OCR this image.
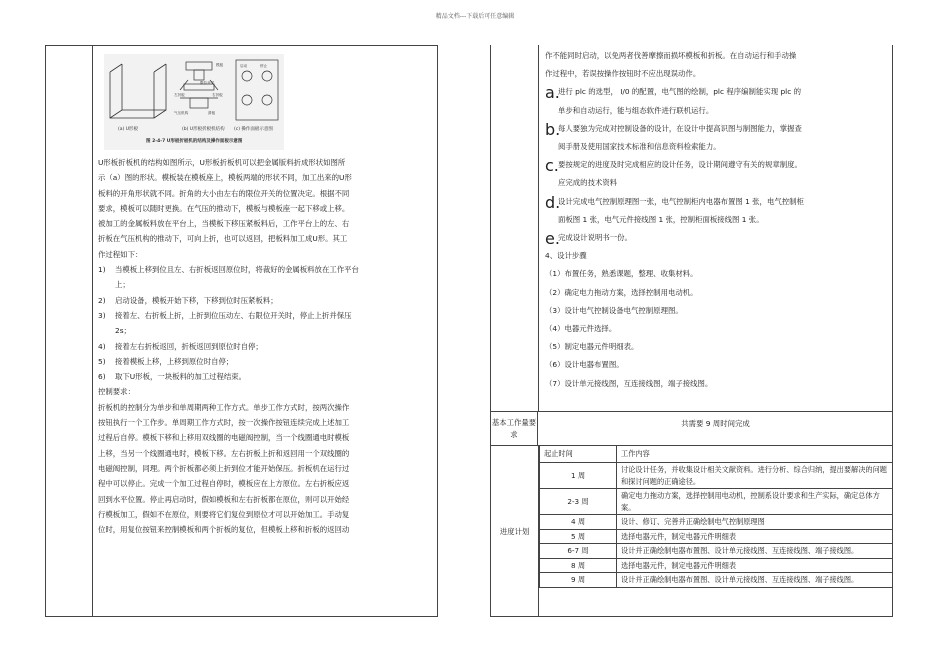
精品文档---下载后可任意编辑
(a) U形板
模板
限位开关
左折板	右折板
气压机构	滑板
(b) U形板折板机结构
启动	停止
(c) 操作面板示意图
图 2-4-7 U形板折板机的结构及操作面板示意图
U形板折板机的结构如图所示，U形板折板机可以把金属版料折成形状如图所
示（a）图的形状。模板装在模板座上，模板两端的形状不同，加工出来的U形
板料的开角形状就不同。折角的大小由左右的限位开关的位置决定。根据不同
要求，模板可以随时更换。在气压的推动下，模板与模板座一起下移或上移。
被加工的金属板料放在平台上，当模板下移压紧板料后，工作平台上的左、右
折板在气压机构的推动下，可向上折，也可以返回，把板料加工成U形。其工
作过程如下：
1) 当模板上移到位且左、右折板返回原位时，将裁好的金属板料放在工作平台
上；
2) 启动设备，模板开始下移，下移到位时压紧板料；
3) 接着左、右折板上折，上折到位压动左、右限位开关时，停止上折并保压
2s；
4) 接着左右折板返回，折板返回到原位时自停；
5) 接着模板上移，上移到原位时自停；
6) 取下U形板，一块板料的加工过程结束。
控制要求：
折板机的控制分为单步和单周期两种工作方式。单步工作方式时，按两次操作
按钮执行一个工作步。单周期工作方式时，按一次操作按钮连续完成上述加工
过程后自停。模板下移和上移用双线圈的电磁阀控制，当一个线圈通电时模板
上移，当另一个线圈通电时，模板下移。左右折板上折和返回用一个双线圈的
电磁阀控制，同理。两个折板都必须上折到位才能开始保压。折板机在运行过
程中可以停止。完成一个加工过程自停时，模板应在上方原位。左右折板应返
回到水平位置。停止再启动时，假如模板和左右折板都在原位，则可以开始经
行模板加工，假如不在原位，则要将它们复位到原位才可以开始加工。手动复
位时，用复位按钮来控制模板和两个折板的复位，但模板上移和折板的返回动
作不能同时启动，以免两者伐善摩擦而损坏模板和折板。在自动运行和手动操
作过程中，若误按操作按钮时不应出现误动作。
a.
进行 plc 的选型， I/0 的配置，电气图的绘制，plc 程序编制能实现 plc 的
单步和自动运行，能与组态软件进行联机运行。
b.
每人要独为完成对控制设备的设计，在设计中提高识图与制图能力，掌握查
阅手册及使用国家技术标准和信息资料检索能力。
c. 要按规定的进度及时完成相应的设计任务，设计期间遵守有关的规章制度。
应完成的技术资料
d.
设计完成电气控制原理图一张，电气控制柜内电器布置图 1 张，电气控制柜
面板图 1 张，电气元件接线图 1 张，控制柜面板接线图 1 张。
e.
完成设计说明书一份。
4、设计步骤
（1）布置任务，熟悉课题，整理、收集材料。
（2）确定电力拖动方案，选择控制用电动机。
（3）设计电气控制设备电气控制原理图。
（4）电器元件选择。
（5）制定电器元件明细表。
（6）设计电器布置图。
（7）设计单元接线图，互连接线图，端子接线图。
基本工作量要求
共需要 9 周时间完成
进度计划
起止时间	工作内容
1 周	讨论设计任务，并收集设计相关文献资料。进行分析、综合归纳，提出要解决的问题和探讨问题的正确途径。
2-3 周	确定电力拖动方案，选择控制用电动机，控制系设计要求和生产实际，确定总体方案。
4 周	设计、修订、完善并正确绘制电气控制原理图
5 周	选择电器元件，制定电器元件明细表
6-7 周	设计并正确绘制电器布置图、设计单元接线图、互连接线图、端子接线图。
8 周	选择电器元件，制定电器元件明细表
9 周	设计并正确绘制电器布置图、设计单元接线图、互连接线图、端子接线图。
